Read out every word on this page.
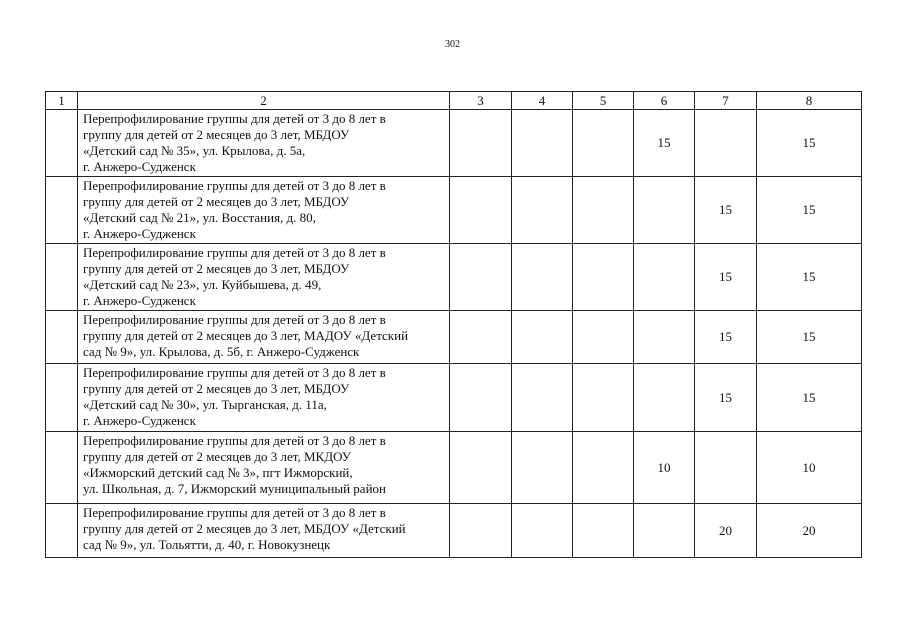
302
1	2	3	4	5	6	7	8

	Перепрофилирование группы для детей от 3 до 8 лет в
группу для детей от 2 месяцев до 3 лет, МБДОУ
«Детский сад № 35», ул. Крылова, д. 5а,
г. Анжеро-Судженск				15		15

	Перепрофилирование группы для детей от 3 до 8 лет в
группу для детей от 2 месяцев до 3 лет, МБДОУ
«Детский сад № 21», ул. Восстания, д. 80,
г. Анжеро-Судженск					15	15

	Перепрофилирование группы для детей от 3 до 8 лет в
группу для детей от 2 месяцев до 3 лет, МБДОУ
«Детский сад № 23», ул. Куйбышева, д. 49,
г. Анжеро-Судженск					15	15

	Перепрофилирование группы для детей от 3 до 8 лет в
группу для детей от 2 месяцев до 3 лет, МАДОУ «Детский
сад № 9», ул. Крылова, д. 5б, г. Анжеро-Судженск					15	15

	Перепрофилирование группы для детей от 3 до 8 лет в
группу для детей от 2 месяцев до 3 лет, МБДОУ
«Детский сад № 30», ул. Тырганская, д. 11а,
г. Анжеро-Судженск					15	15

	Перепрофилирование группы для детей от 3 до 8 лет в
группу для детей от 2 месяцев до 3 лет, МКДОУ
«Ижморский детский сад № 3», пгт Ижморский,
ул. Школьная, д. 7, Ижморский муниципальный район				10		10

	Перепрофилирование группы для детей от 3 до 8 лет в
группу для детей от 2 месяцев до 3 лет, МБДОУ «Детский
сад № 9», ул. Тольятти, д. 40, г. Новокузнецк					20	20
